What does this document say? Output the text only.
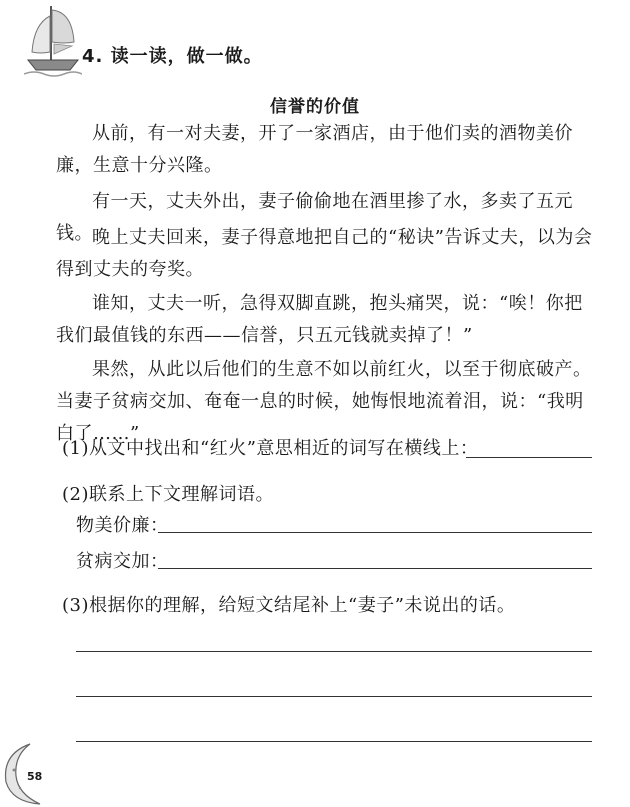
4. 读一读，做一做。
信誉的价值

从前，有一对夫妻，开了一家酒店，由于他们卖的酒物美价廉，生意十分兴隆。

有一天，丈夫外出，妻子偷偷地在酒里掺了水，多卖了五元钱。 晚上丈夫回来，妻子得意地把自己的“秘诀”告诉丈夫，以为会得到丈夫的夸奖。

谁知，丈夫一听，急得双脚直跳，抱头痛哭，说：“唉！你把我们最值钱的东西——信誉，只五元钱就卖掉了！”

果然，从此以后他们的生意不如以前红火，以至于彻底破产。当妻子贫病交加、奄奄一息的时候，她悔恨地流着泪，说：“我明白了……”

(1)从文中找出和“红火”意思相近的词写在横线上：
(2)联系上下文理解词语。
物美价廉：
贫病交加：
(3)根据你的理解，给短文结尾补上“妻子”未说出的话。
58
